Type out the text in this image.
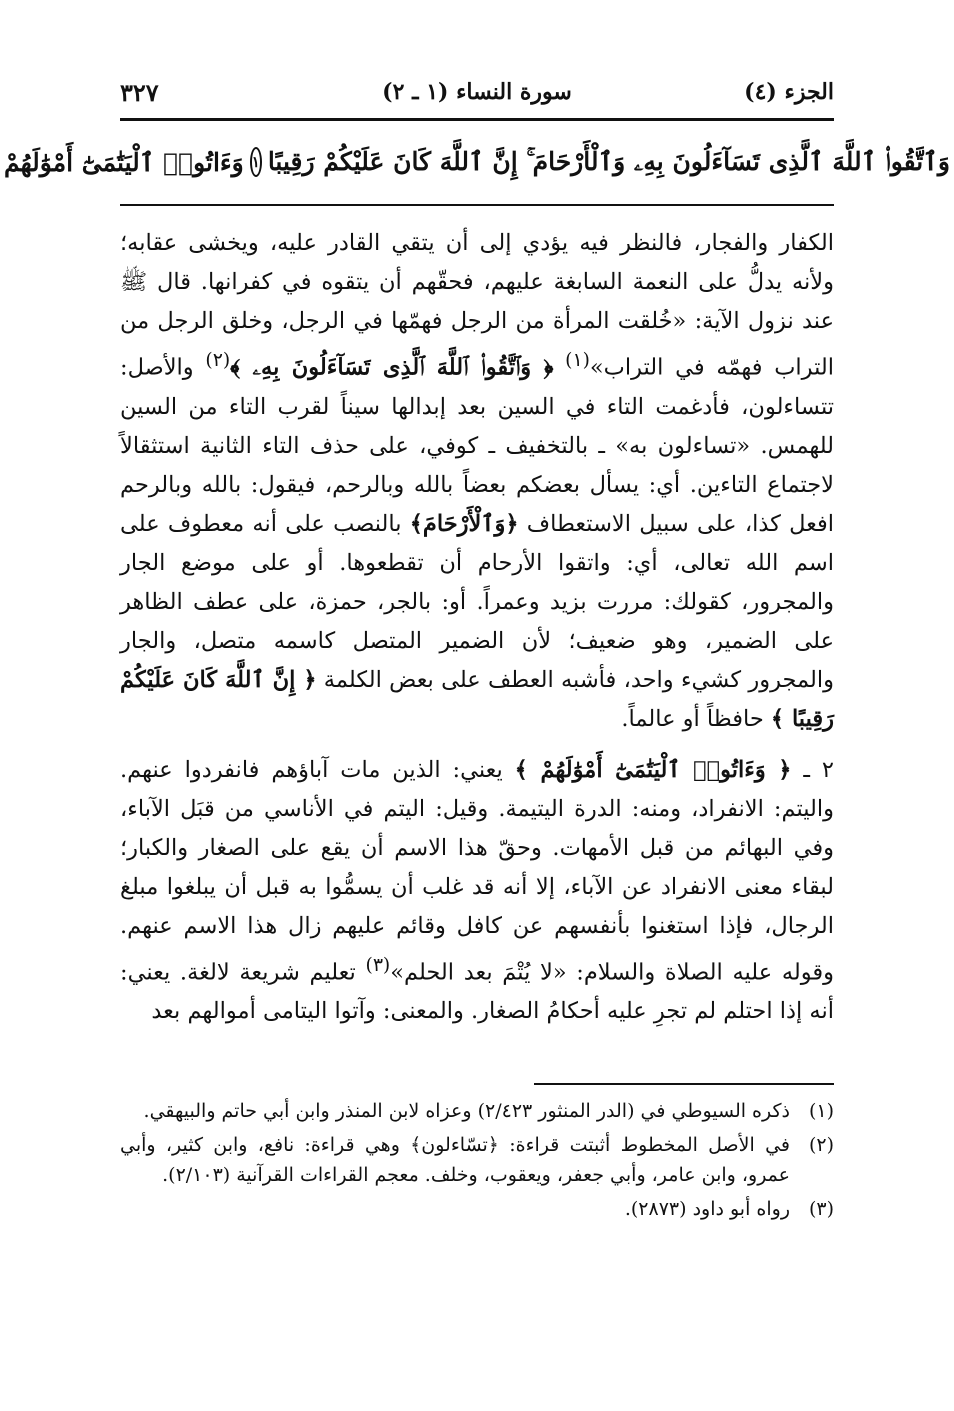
الجزء (٤)
سورة النساء (١ ـ ٢)
٣٢٧
وَٱتَّقُوا۟ ٱللَّهَ ٱلَّذِى تَسَآءَلُونَ بِهِۦ وَٱلْأَرْحَامَ ۚ إِنَّ ٱللَّهَ كَانَ عَلَيْكُمْ رَقِيبًا
١
وَءَاتُوا۟ ٱلْيَتَٰمَىٰٓ أَمْوَٰلَهُمْ

الكفار والفجار، فالنظر فيه يؤدي إلى أن يتقي القادر عليه، ويخشى عقابه؛ ولأنه يدلُّ على النعمة السابغة عليهم، فحقّهم أن يتقوه في كفرانها. قال ﷺ عند نزول الآية: «خُلقت المرأة من الرجل فهمّها في الرجل، وخلق الرجل من التراب فهمّه في التراب»$^{(١)}$ ﴿ وَٱتَّقُوا۟ ٱللَّهَ ٱلَّذِى تَسَآءَلُونَ بِهِۦ ﴾$^{(٢)}$ والأصل: تتساءلون، فأدغمت التاء في السين بعد إبدالها سيناً لقرب التاء من السين للهمس. «تساءلون به» ـ بالتخفيف ـ كوفي، على حذف التاء الثانية استثقالاً لاجتماع التاءين. أي: يسأل بعضكم بعضاً بالله وبالرحم، فيقول: بالله وبالرحم افعل كذا، على سبيل الاستعطاف ﴿وَٱلْأَرْحَامَ﴾ بالنصب على أنه معطوف على اسم الله تعالى، أي: واتقوا الأرحام أن تقطعوها. أو على موضع الجار والمجرور، كقولك: مررت بزيد وعمراً. أو: بالجر، حمزة، على عطف الظاهر على الضمير، وهو ضعيف؛ لأن الضمير المتصل كاسمه متصل، والجار والمجرور كشيء واحد، فأشبه العطف على بعض الكلمة ﴿ إِنَّ ٱللَّهَ كَانَ عَلَيْكُمْ رَقِيبًا ﴾ حافظاً أو عالماً.

٢ ـ ﴿ وَءَاتُوا۟ ٱلْيَتَٰمَىٰٓ أَمْوَٰلَهُمْ ﴾ يعني: الذين مات آباؤهم فانفردوا عنهم. واليتم: الانفراد، ومنه: الدرة اليتيمة. وقيل: اليتم في الأناسي من قبَل الآباء، وفي البهائم من قبل الأمهات. وحقّ هذا الاسم أن يقع على الصغار والكبار؛ لبقاء معنى الانفراد عن الآباء، إلا أنه قد غلب أن يسمُّوا به قبل أن يبلغوا مبلغ الرجال، فإذا استغنوا بأنفسهم عن كافل وقائم عليهم زال هذا الاسم عنهم. وقوله عليه الصلاة والسلام: «لا يُتْمَ بعد الحلم»$^{(٣)}$ تعليم شريعة لالغة. يعني: أنه إذا احتلم لم تجرِ عليه أحكامُ الصغار. والمعنى: وآتوا اليتامى أموالهم بعد

(١)
ذكره السيوطي في (الدر المنثور ٢/٤٢٣) وعزاه لابن المنذر وابن أبي حاتم والبيهقي.
(٢)
في الأصل المخطوط أثبتت قراءة: ﴿تسّاءلون﴾ وهي قراءة: نافع، وابن كثير، وأبي عمرو، وابن عامر، وأبي جعفر، ويعقوب، وخلف. معجم القراءات القرآنية (٢/١٠٣).
(٣)
رواه أبو داود (٢٨٧٣).
